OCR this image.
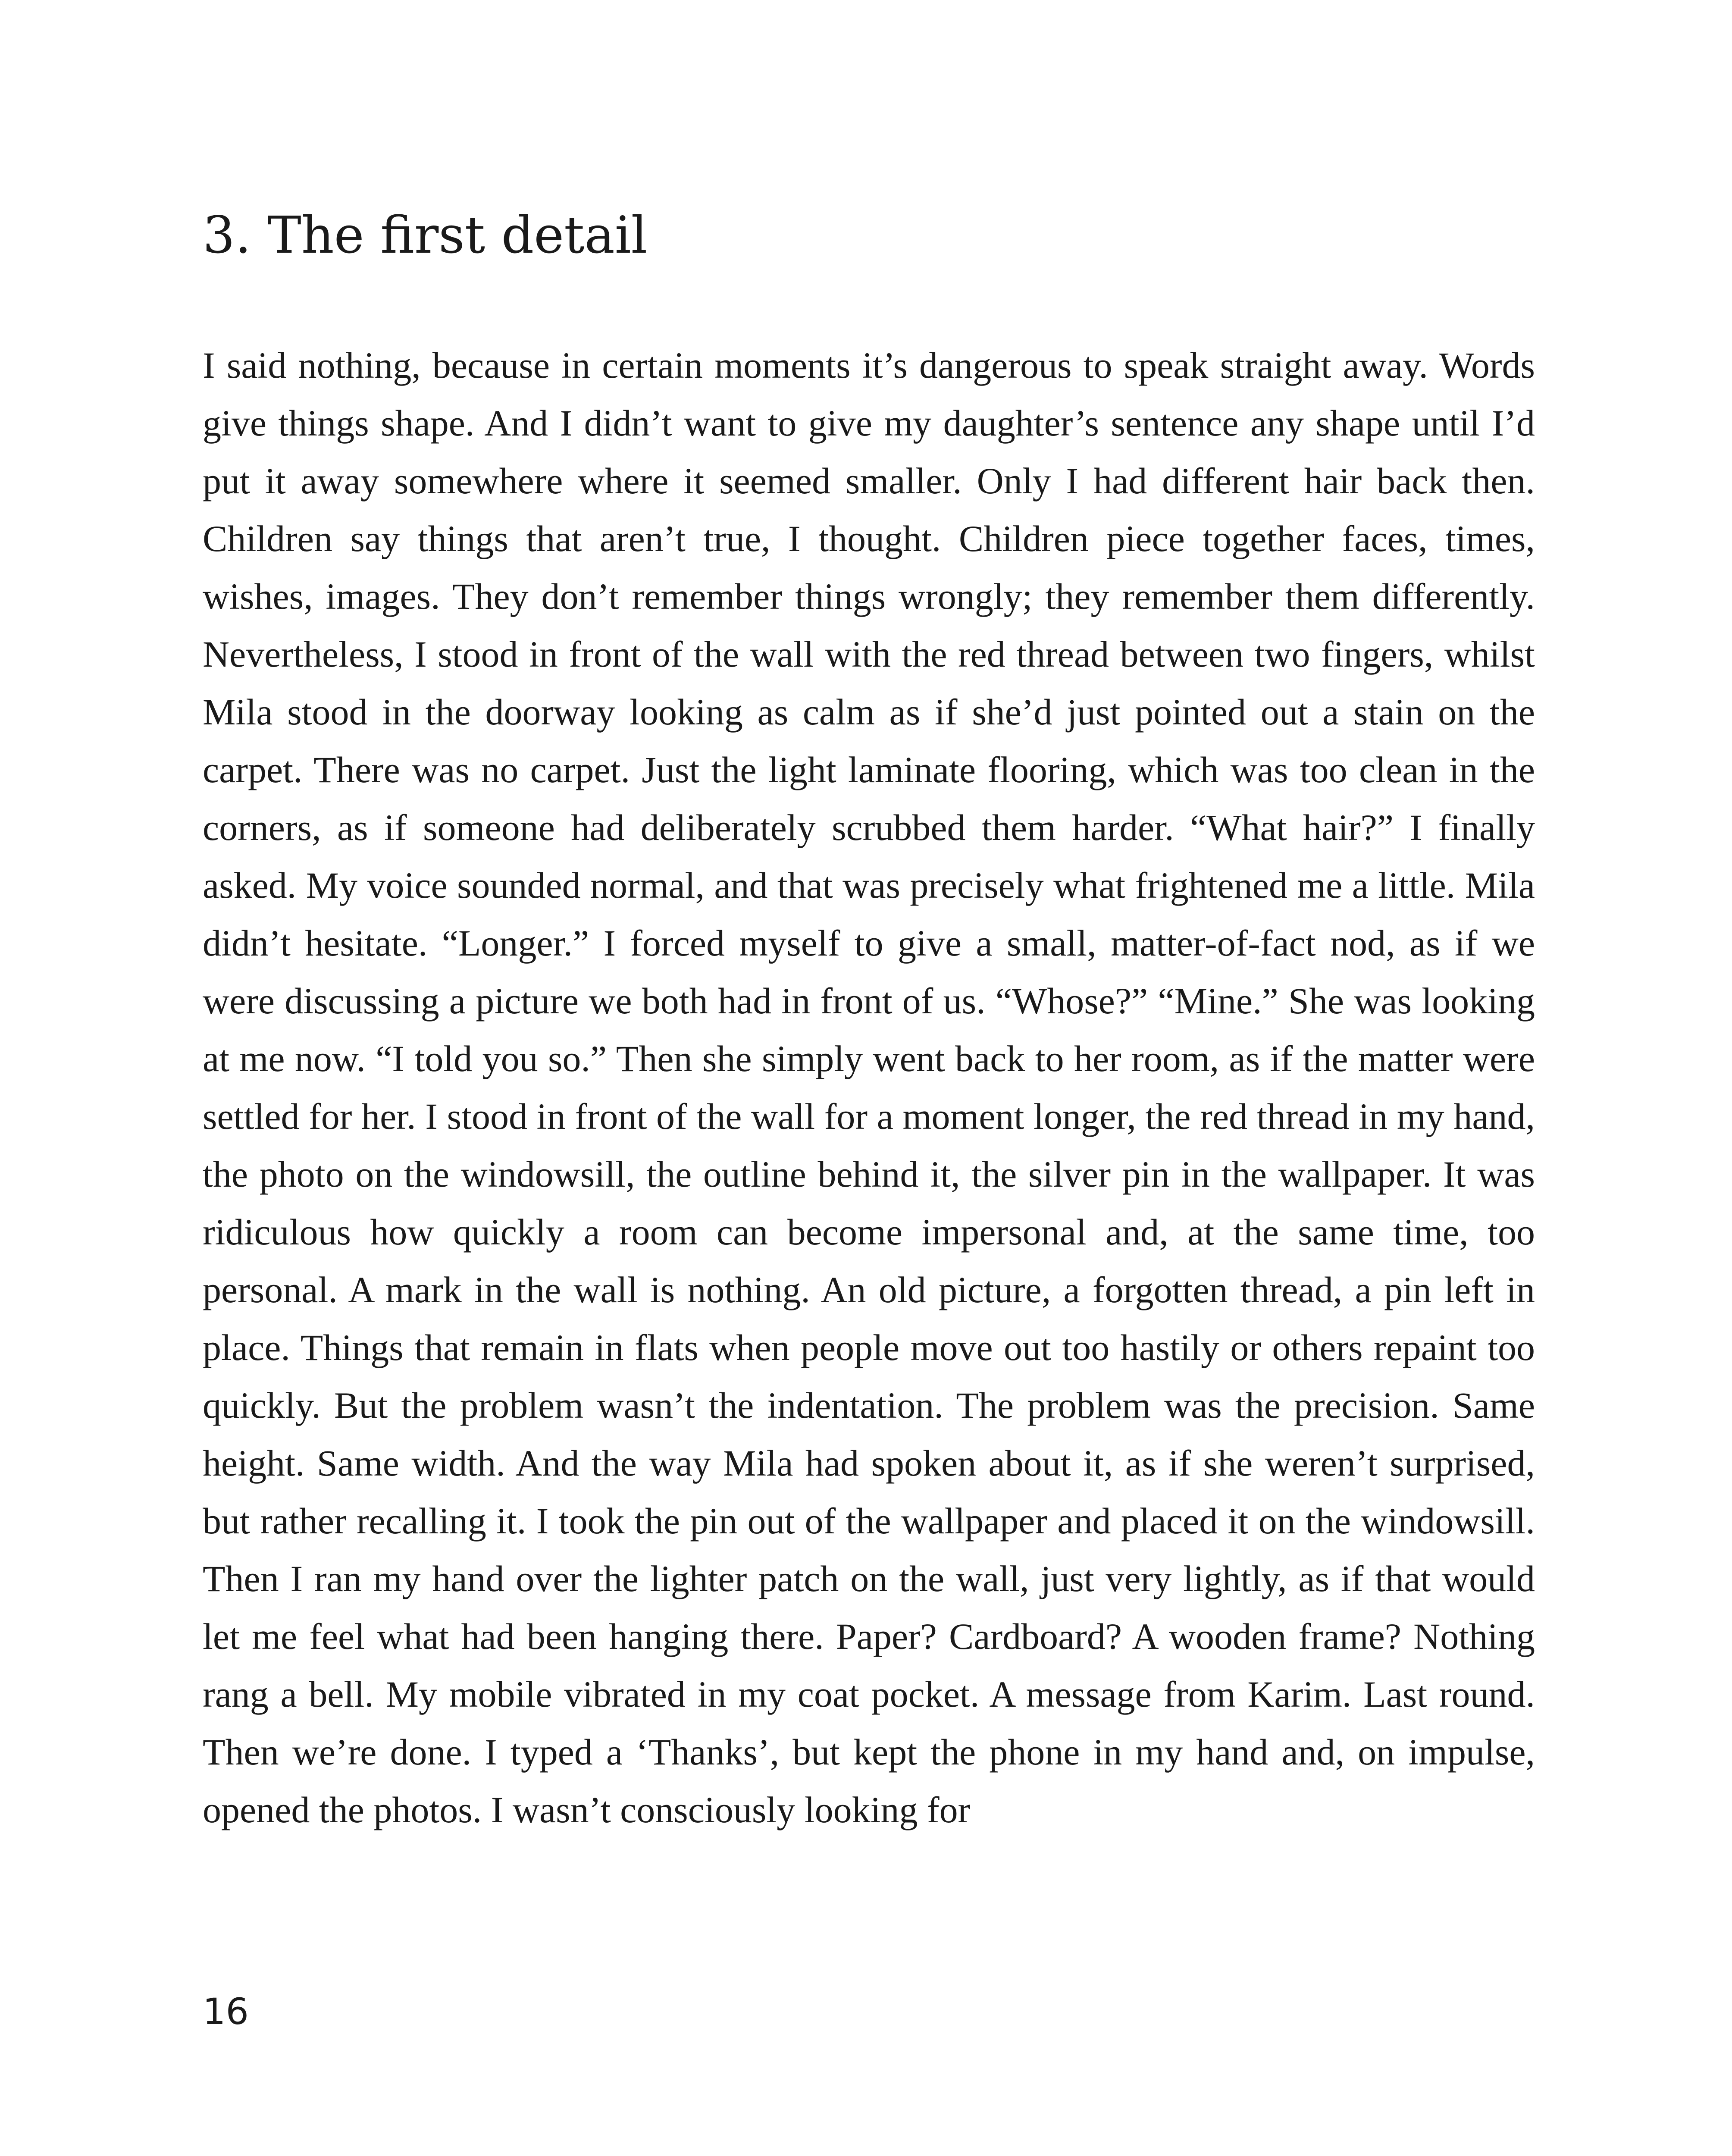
3. The first detail

I said nothing, because in certain moments it’s dangerous to speak straight away. Words give things shape. And I didn’t want to give my daughter’s sentence any shape until I’d put it away somewhere where it seemed smaller. Only I had different hair back then. Children say things that aren’t true, I thought. Children piece together faces, times, wishes, images. They don’t remember things wrongly; they remember them differently. Nevertheless, I stood in front of the wall with the red thread between two fingers, whilst Mila stood in the doorway looking as calm as if she’d just pointed out a stain on the carpet. There was no carpet. Just the light laminate flooring, which was too clean in the corners, as if someone had deliberately scrubbed them harder. “What hair?” I finally asked. My voice sounded normal, and that was precisely what frightened me a little. Mila didn’t hesitate. “Longer.” I forced myself to give a small, matter-of-fact nod, as if we were discussing a picture we both had in front of us. “Whose?” “Mine.” She was looking at me now. “I told you so.” Then she simply went back to her room, as if the matter were settled for her. I stood in front of the wall for a moment longer, the red thread in my hand, the photo on the windowsill, the outline behind it, the silver pin in the wallpaper. It was ridiculous how quickly a room can become impersonal and, at the same time, too personal. A mark in the wall is nothing. An old picture, a forgotten thread, a pin left in place. Things that remain in flats when people move out too hastily or others repaint too quickly. But the problem wasn’t the indentation. The problem was the precision. Same height. Same width. And the way Mila had spoken about it, as if she weren’t surprised, but rather recalling it. I took the pin out of the wallpaper and placed it on the windowsill. Then I ran my hand over the lighter patch on the wall, just very lightly, as if that would let me feel what had been hanging there. Paper? Cardboard? A wooden frame? Nothing rang a bell. My mobile vibrated in my coat pocket. A message from Karim. Last round. Then we’re done. I typed a ‘Thanks’, but kept the phone in my hand and, on impulse, opened the photos. I wasn’t consciously looking for

16
